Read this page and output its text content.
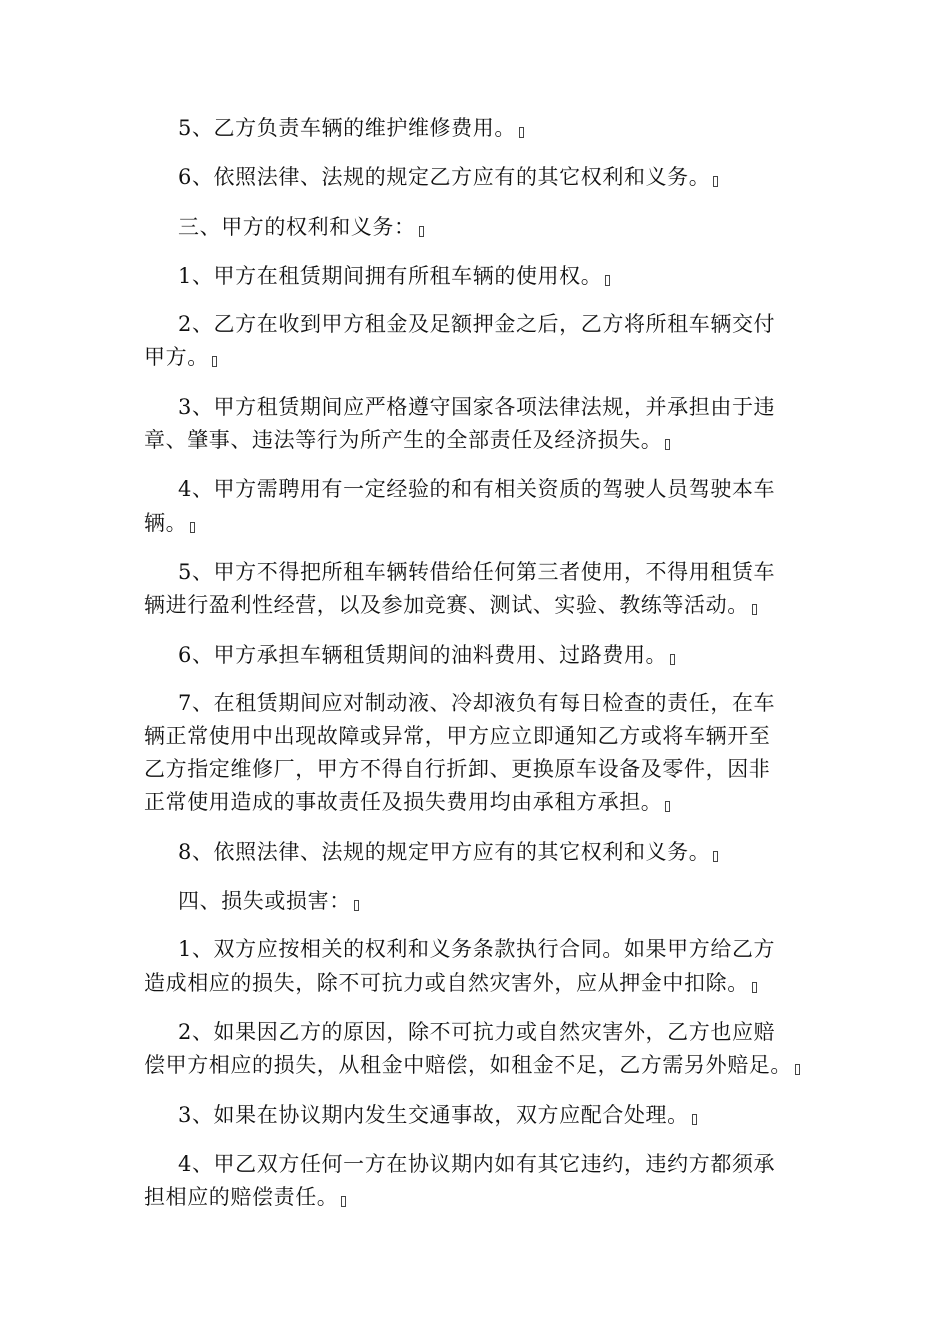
5、乙方负责车辆的维护维修费用。
6、依照法律、法规的规定乙方应有的其它权利和义务。
三、甲方的权利和义务：
1、甲方在租赁期间拥有所租车辆的使用权。
2、乙方在收到甲方租金及足额押金之后，乙方将所租车辆交付
甲方。
3、甲方租赁期间应严格遵守国家各项法律法规，并承担由于违
章、肇事、违法等行为所产生的全部责任及经济损失。
4、甲方需聘用有一定经验的和有相关资质的驾驶人员驾驶本车
辆。
5、甲方不得把所租车辆转借给任何第三者使用，不得用租赁车
辆进行盈利性经营，以及参加竞赛、测试、实验、教练等活动。
6、甲方承担车辆租赁期间的油料费用、过路费用。
7、在租赁期间应对制动液、冷却液负有每日检查的责任，在车
辆正常使用中出现故障或异常，甲方应立即通知乙方或将车辆开至
乙方指定维修厂，甲方不得自行折卸、更换原车设备及零件，因非
正常使用造成的事故责任及损失费用均由承租方承担。
8、依照法律、法规的规定甲方应有的其它权利和义务。
四、损失或损害：
1、双方应按相关的权利和义务条款执行合同。如果甲方给乙方
造成相应的损失，除不可抗力或自然灾害外，应从押金中扣除。
2、如果因乙方的原因，除不可抗力或自然灾害外，乙方也应赔
偿甲方相应的损失，从租金中赔偿，如租金不足，乙方需另外赔足。
3、如果在协议期内发生交通事故，双方应配合处理。
4、甲乙双方任何一方在协议期内如有其它违约，违约方都须承
担相应的赔偿责任。
